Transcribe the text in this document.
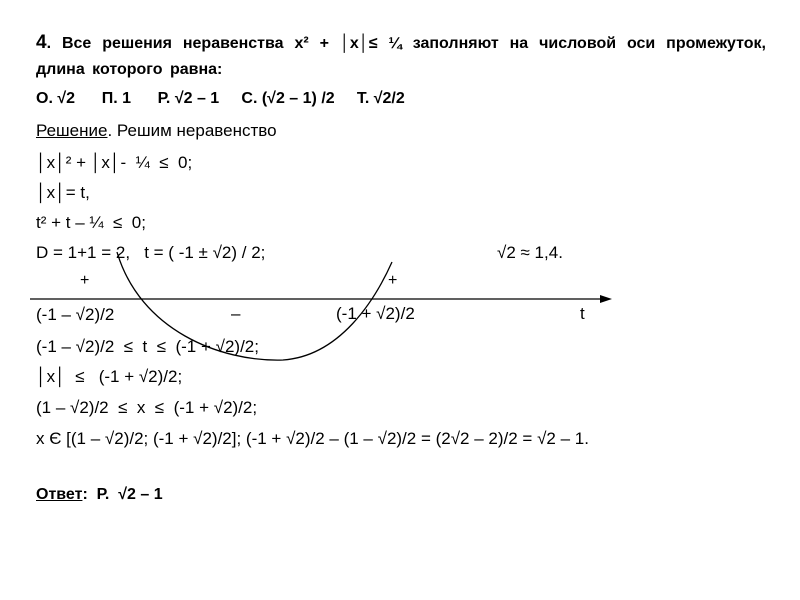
4. Все решения неравенства x² + │x│≤ ¼ заполняют на числовой оси промежуток, длина которого равна:
О. √2      П. 1      Р. √2 – 1     С. (√2 – 1) /2     Т. √2/2
Решение. Решим неравенство
│x│² + │x│-  ¼  ≤  0;
│x│= t,
t² + t – ¼  ≤  0;
D = 1+1 = 2,   t = ( -1 ± √2) / 2;	√2 ≈ 1,4.
+	+
(-1 – √2)/2	–	(-1 + √2)/2	t
(-1 – √2)/2  ≤  t  ≤  (-1 + √2)/2;
│x│  ≤   (-1 + √2)/2;
(1 – √2)/2  ≤  x  ≤  (-1 + √2)/2;
x Є [(1 – √2)/2; (-1 + √2)/2]; (-1 + √2)/2 – (1 – √2)/2 = (2√2 – 2)/2 = √2 – 1.
Ответ:  Р.  √2 – 1
